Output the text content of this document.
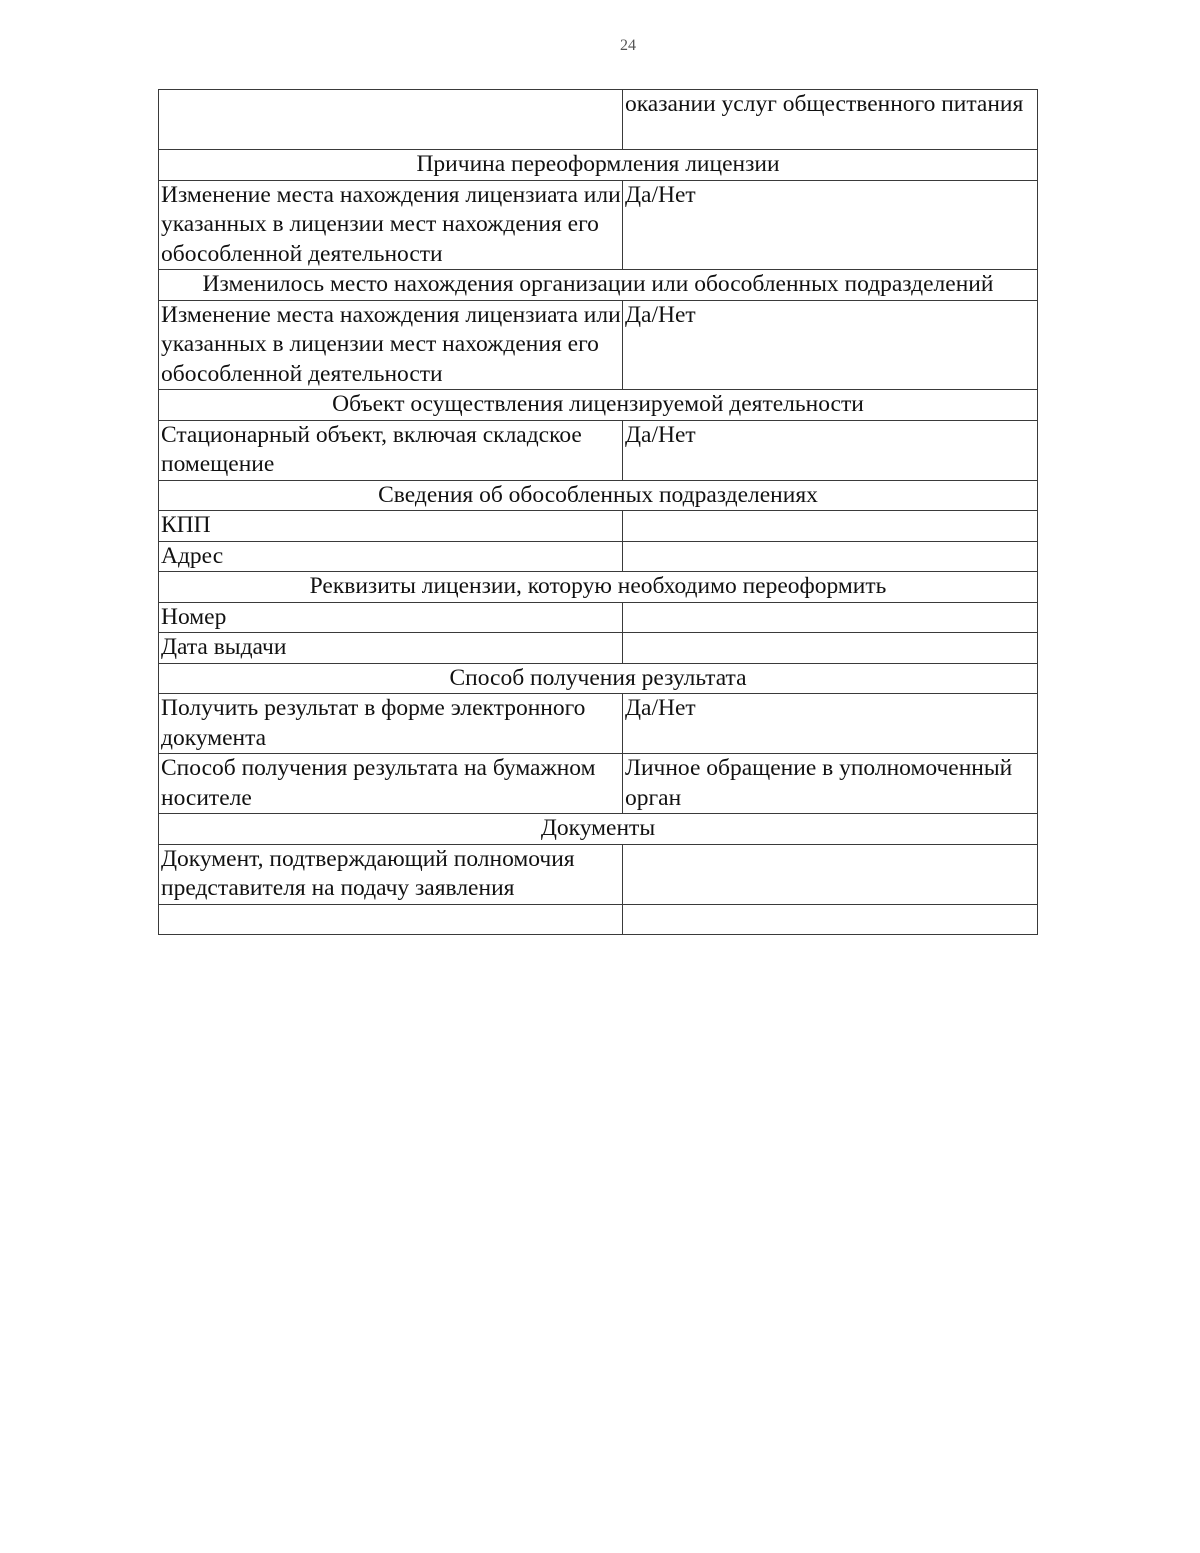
24
	оказании услуг общественного питания
Причина переоформления лицензии	
Изменение места нахождения лицензиата или указанных в лицензии мест нахождения его обособленной деятельности	Да/Нет
Изменилось место нахождения организации или обособленных подразделений	
Изменение места нахождения лицензиата или указанных в лицензии мест нахождения его обособленной деятельности	Да/Нет
Объект осуществления лицензируемой деятельности	
Стационарный объект, включая складское помещение	Да/Нет
Сведения об обособленных подразделениях	
КПП	
Адрес	
Реквизиты лицензии, которую необходимо переоформить	
Номер	
Дата выдачи	
Способ получения результата	
Получить результат в форме электронного документа	Да/Нет
Способ получения результата на бумажном носителе	Личное обращение в уполномоченный орган
Документы	
Документ, подтверждающий полномочия представителя на подачу заявления	
